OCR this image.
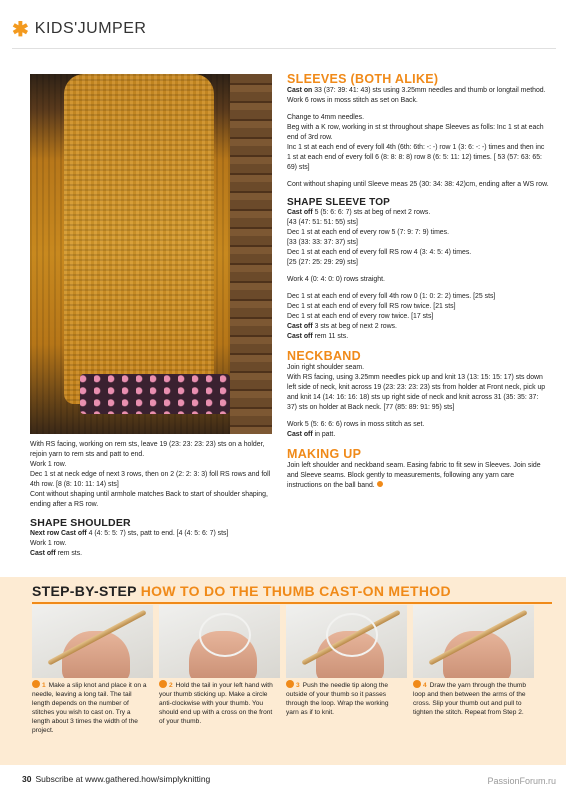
✱ KIDS'JUMPER

With RS facing, working on rem sts, leave 19 (23: 23: 23: 23) sts on a holder, rejoin yarn to rem sts and patt to end.

Work 1 row.

Dec 1 st at neck edge of next 3 rows, then on 2 (2: 2: 3: 3) foll RS rows and foll 4th row. [8 (8: 10: 11: 14) sts]

Cont without shaping until armhole matches Back to start of shoulder shaping, ending after a RS row.

SHAPE SHOULDER

Next row Cast off 4 (4: 5: 5: 7) sts, patt to end. [4 (4: 5: 6: 7) sts]

Work 1 row.

Cast off rem sts.

SLEEVES (BOTH ALIKE)

Cast on 33 (37: 39: 41: 43) sts using 3.25mm needles and thumb or longtail method.

Work 6 rows in moss stitch as set on Back.

Change to 4mm needles.

Beg with a K row, working in st st throughout shape Sleeves as folls: Inc 1 st at each end of 3rd row.

Inc 1 st at each end of every foll 4th (6th: 6th: -: -) row 1 (3: 6: -: -) times and then inc 1 st at each end of every foll 6 (8: 8: 8: 8) row 8 (6: 5: 11: 12) times. [ 53 (57: 63: 65: 69) sts]

Cont without shaping until Sleeve meas 25 (30: 34: 38: 42)cm, ending after a WS row.

SHAPE SLEEVE TOP

Cast off 5 (5: 6: 6: 7) sts at beg of next 2 rows.

[43 (47: 51: 51: 55) sts]

Dec 1 st at each end of every row 5 (7: 9: 7: 9) times.

[33 (33: 33: 37: 37) sts]

Dec 1 st at each end of every foll RS row 4 (3: 4: 5: 4) times.

[25 (27: 25: 29: 29) sts]

Work 4 (0: 4: 0: 0) rows straight.

Dec 1 st at each end of every foll 4th row 0 (1: 0: 2: 2) times. [25 sts]

Dec 1 st at each end of every foll RS row twice. [21 sts]

Dec 1 st at each end of every row twice. [17 sts]

Cast off 3 sts at beg of next 2 rows.

Cast off rem 11 sts.

NECKBAND

Join right shoulder seam.

With RS facing, using 3.25mm needles pick up and knit 13 (13: 15: 15: 17) sts down left side of neck, knit across 19 (23: 23: 23: 23) sts from holder at Front neck, pick up and knit 14 (14: 16: 16: 18) sts up right side of neck and knit across 31 (35: 35: 37: 37) sts on holder at Back neck. [77 (85: 89: 91: 95) sts]

Work 5 (5: 6: 6: 6) rows in moss stitch as set.

Cast off in patt.

MAKING UP

Join left shoulder and neckband seam. Easing fabric to fit sew in Sleeves. Join side and Sleeve seams. Block gently to measurements, following any yarn care instructions on the ball band.

STEP-BY-STEP HOW TO DO THE THUMB CAST-ON METHOD
1 Make a slip knot and place it on a needle, leaving a long tail. The tail length depends on the number of stitches you wish to cast on. Try a length about 3 times the width of the project.
2 Hold the tail in your left hand with your thumb sticking up. Make a circle anti-clockwise with your thumb. You should end up with a cross on the front of your thumb.
3 Push the needle tip along the outside of your thumb so it passes through the loop. Wrap the working yarn as if to knit.
4 Draw the yarn through the thumb loop and then between the arms of the cross. Slip your thumb out and pull to tighten the stitch. Repeat from Step 2.
30 Subscribe at www.gathered.how/simplyknitting	PassionForum.ru
